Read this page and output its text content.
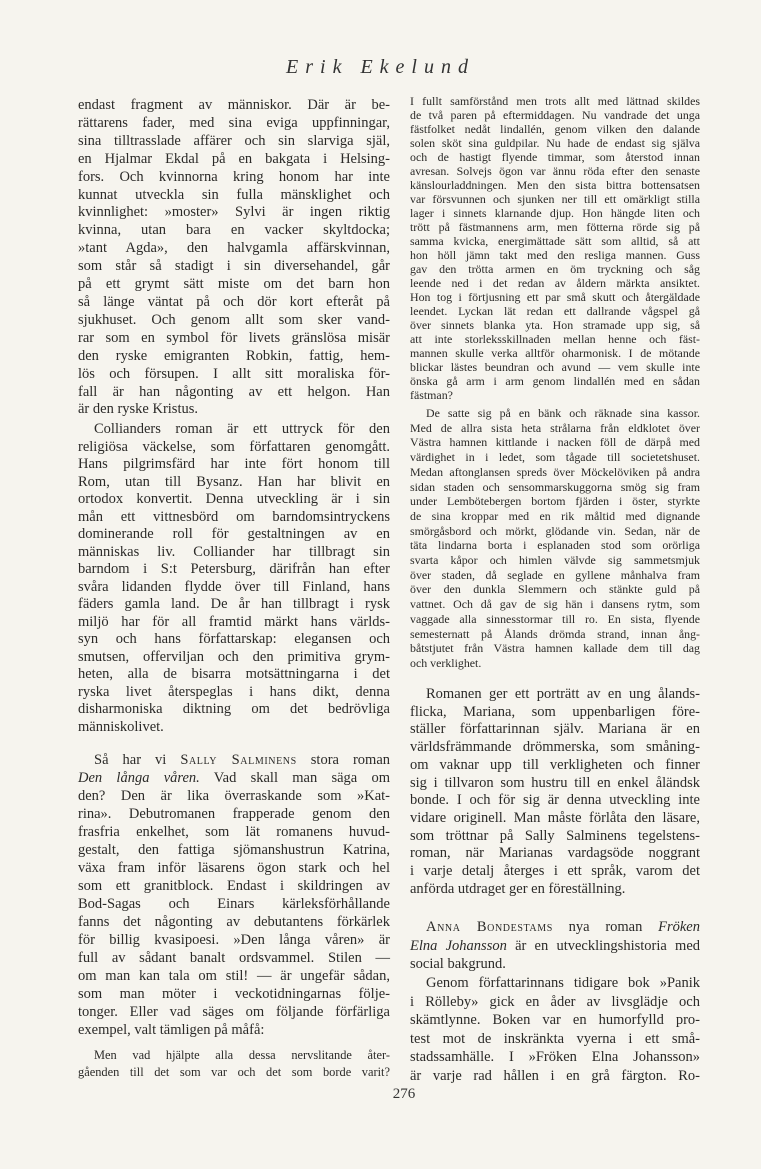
Erik Ekelund
endast fragment av människor. Där är be-
rättarens fader, med sina eviga uppfinningar,
sina tilltrasslade affärer och sin slarviga själ,
en Hjalmar Ekdal på en bakgata i Helsing-
fors. Och kvinnorna kring honom har inte
kunnat utveckla sin fulla mänsklighet och
kvinnlighet: »moster» Sylvi är ingen riktig
kvinna, utan bara en vacker skyltdocka;
»tant Agda», den halvgamla affärskvinnan,
som står så stadigt i sin diversehandel, går
på ett grymt sätt miste om det barn hon
så länge väntat på och dör kort efteråt på
sjukhuset. Och genom allt som sker vand-
rar som en symbol för livets gränslösa misär
den ryske emigranten Robkin, fattig, hem-
lös och försupen. I allt sitt moraliska för-
fall är han någonting av ett helgon. Han
är den ryske Kristus.
Collianders roman är ett uttryck för den
religiösa väckelse, som författaren genomgått.
Hans pilgrimsfärd har inte fört honom till
Rom, utan till Bysanz. Han har blivit en
ortodox konvertit. Denna utveckling är i sin
mån ett vittnesbörd om barndomsintryckens
dominerande roll för gestaltningen av en
människas liv. Colliander har tillbragt sin
barndom i S:t Petersburg, därifrån han efter
svåra lidanden flydde över till Finland, hans
fäders gamla land. De år han tillbragt i rysk
miljö har för all framtid märkt hans världs-
syn och hans författarskap: elegansen och
smutsen, offerviljan och den primitiva grym-
heten, alla de bisarra motsättningarna i det
ryska livet återspeglas i hans dikt, denna
disharmoniska diktning om det bedrövliga
människolivet.
Så har vi Sally Salminens stora roman
Den långa våren. Vad skall man säga om
den? Den är lika överraskande som »Kat-
rina». Debutromanen frapperade genom den
frasfria enkelhet, som lät romanens huvud-
gestalt, den fattiga sjömanshustrun Katrina,
växa fram inför läsarens ögon stark och hel
som ett granitblock. Endast i skildringen av
Bod-Sagas och Einars kärleksförhållande
fanns det någonting av debutantens förkärlek
för billig kvasipoesi. »Den långa våren» är
full av sådant banalt ordsvammel. Stilen —
om man kan tala om stil! — är ungefär sådan,
som man möter i veckotidningarnas följe-
tonger. Eller vad säges om följande förfärliga
exempel, valt tämligen på måfå:
Men vad hjälpte alla dessa nervslitande åter-
gåenden till det som var och det som borde varit?
I fullt samförstånd men trots allt med lättnad skildes
de två paren på eftermiddagen. Nu vandrade det unga
fästfolket nedåt lindallén, genom vilken den dalande
solen sköt sina guldpilar. Nu hade de endast sig själva
och de hastigt flyende timmar, som återstod innan
avresan. Solvejs ögon var ännu röda efter den senaste
känslourladdningen. Men den sista bittra bottensatsen
var försvunnen och sjunken ner till ett omärkligt stilla
lager i sinnets klarnande djup. Hon hängde liten och
trött på fästmannens arm, men fötterna rörde sig på
samma kvicka, energimättade sätt som alltid, så att
hon höll jämn takt med den resliga mannen. Guss
gav den trötta armen en öm tryckning och såg
leende ned i det redan av åldern märkta ansiktet.
Hon tog i förtjusning ett par små skutt och återgäldade
leendet. Lyckan lät redan ett dallrande vågspel gå
över sinnets blanka yta. Hon stramade upp sig, så
att inte storleksskillnaden mellan henne och fäst-
mannen skulle verka alltför oharmonisk. I de mötande
blickar lästes beundran och avund — vem skulle inte
önska gå arm i arm genom lindallén med en sådan
fästman?
De satte sig på en bänk och räknade sina kassor.
Med de allra sista heta strålarna från eldklotet över
Västra hamnen kittlande i nacken föll de därpå med
värdighet in i ledet, som tågade till societetshuset.
Medan aftonglansen spreds över Möckelöviken på andra
sidan staden och sensommarskuggorna smög sig fram
under Lembötebergen bortom fjärden i öster, styrkte
de sina kroppar med en rik måltid med dignande
smörgåsbord och mörkt, glödande vin. Sedan, när de
täta lindarna borta i esplanaden stod som orörliga
svarta kåpor och himlen välvde sig sammetsmjuk
över staden, då seglade en gyllene månhalva fram
över den dunkla Slemmern och stänkte guld på
vattnet. Och då gav de sig hän i dansens rytm, som
vaggade alla sinnesstormar till ro. En sista, flyende
semesternatt på Ålands drömda strand, innan ång-
båtstjutet från Västra hamnen kallade dem till dag
och verklighet.
Romanen ger ett porträtt av en ung ålands-
flicka, Mariana, som uppenbarligen före-
ställer författarinnan själv. Mariana är en
världsfrämmande drömmerska, som småning-
om vaknar upp till verkligheten och finner
sig i tillvaron som hustru till en enkel åländsk
bonde. I och för sig är denna utveckling inte
vidare originell. Man måste förlåta den läsare,
som tröttnar på Sally Salminens tegelstens-
roman, när Marianas vardagsöde noggrant
i varje detalj återges i ett språk, varom det
anförda utdraget ger en föreställning.
Anna Bondestams nya roman Fröken
Elna Johansson är en utvecklingshistoria med
social bakgrund.
Genom författarinnans tidigare bok »Panik
i Rölleby» gick en åder av livsglädje och
skämtlynne. Boken var en humorfylld pro-
test mot de inskränkta vyerna i ett små-
stadssamhälle. I »Fröken Elna Johansson»
är varje rad hållen i en grå färgton. Ro-
276
